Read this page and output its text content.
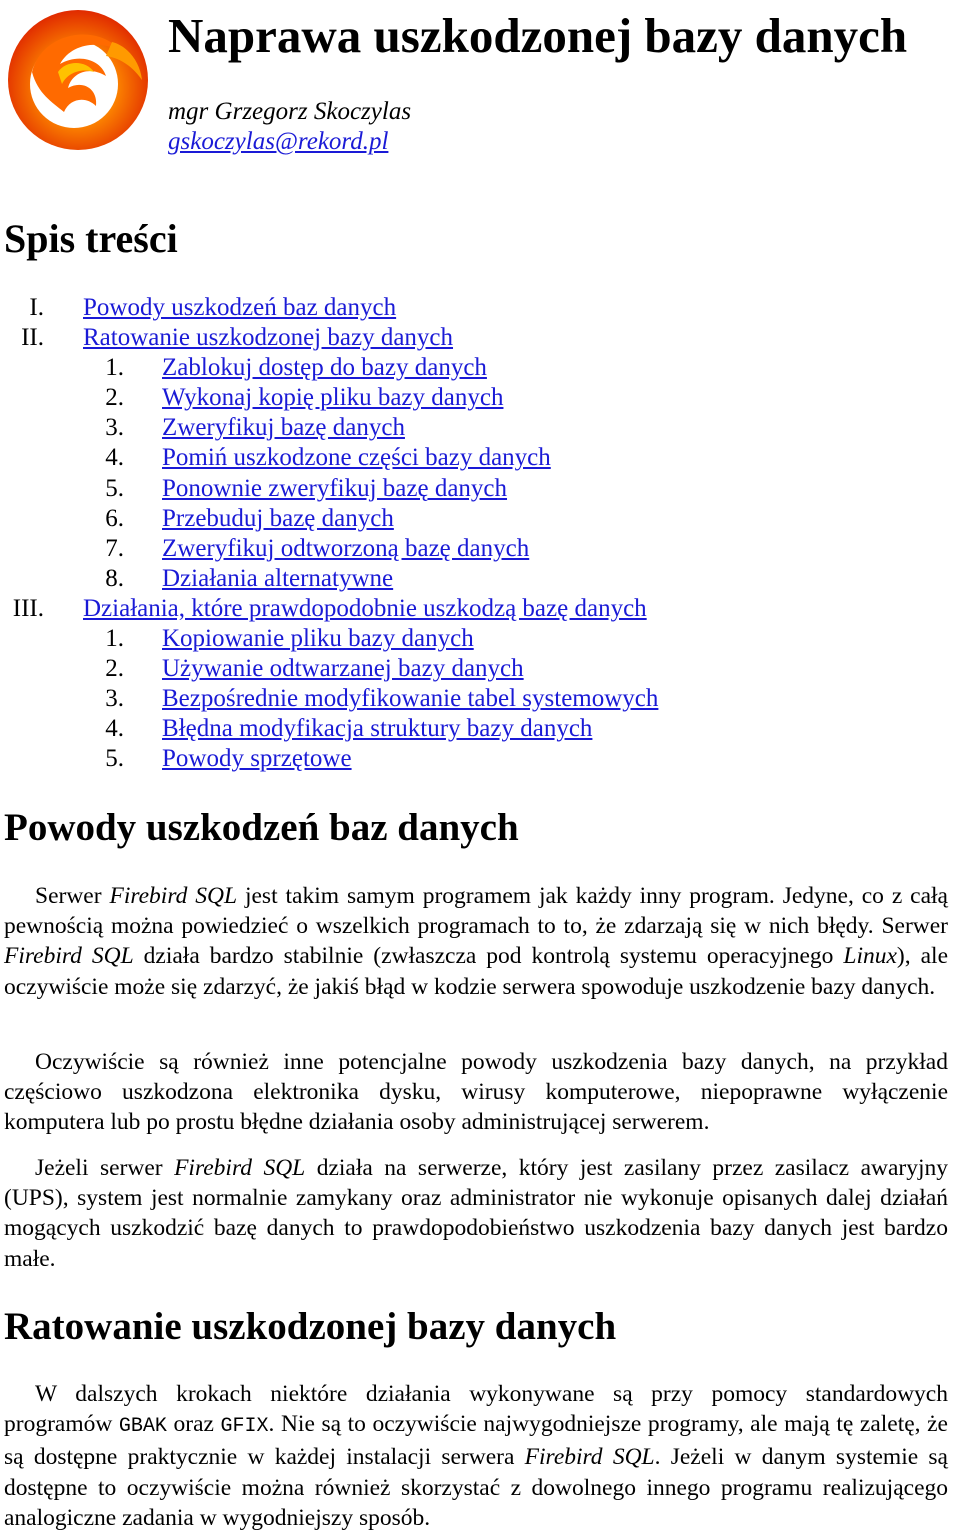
Naprawa uszkodzonej bazy danych
mgr Grzegorz Skoczylas
gskoczylas@rekord.pl
Spis treści
I. Powody uszkodzeń baz danych
II. Ratowanie uszkodzonej bazy danych
1. Zablokuj dostęp do bazy danych
2. Wykonaj kopię pliku bazy danych
3. Zweryfikuj bazę danych
4. Pomiń uszkodzone części bazy danych
5. Ponownie zweryfikuj bazę danych
6. Przebuduj bazę danych
7. Zweryfikuj odtworzoną bazę danych
8. Działania alternatywne
III. Działania, które prawdopodobnie uszkodzą bazę danych
1. Kopiowanie pliku bazy danych
2. Używanie odtwarzanej bazy danych
3. Bezpośrednie modyfikowanie tabel systemowych
4. Błędna modyfikacja struktury bazy danych
5. Powody sprzętowe
Powody uszkodzeń baz danych

Serwer Firebird SQL jest takim samym programem jak każdy inny program. Jedyne, co z całą pewnością można powiedzieć o wszelkich programach to to, że zdarzają się w nich błędy. Serwer Firebird SQL działa bardzo stabilnie (zwłaszcza pod kontrolą systemu operacyjnego Linux), ale oczywiście może się zdarzyć, że jakiś błąd w kodzie serwera spowoduje uszkodzenie bazy danych.

Oczywiście są również inne potencjalne powody uszkodzenia bazy danych, na przykład częściowo uszkodzona elektronika dysku, wirusy komputerowe, niepoprawne wyłączenie komputera lub po prostu błędne działania osoby administrującej serwerem.

Jeżeli serwer Firebird SQL działa na serwerze, który jest zasilany przez zasilacz awaryjny (UPS), system jest normalnie zamykany oraz administrator nie wykonuje opisanych dalej działań mogących uszkodzić bazę danych to prawdopodobieństwo uszkodzenia bazy danych jest bardzo małe.

Ratowanie uszkodzonej bazy danych

W dalszych krokach niektóre działania wykonywane są przy pomocy standardowych programów GBAK oraz GFIX. Nie są to oczywiście najwygodniejsze programy, ale mają tę zaletę, że są dostępne praktycznie w każdej instalacji serwera Firebird SQL. Jeżeli w danym systemie są dostępne to oczywiście można również skorzystać z dowolnego innego programu realizującego analogiczne zadania w wygodniejszy sposób.
